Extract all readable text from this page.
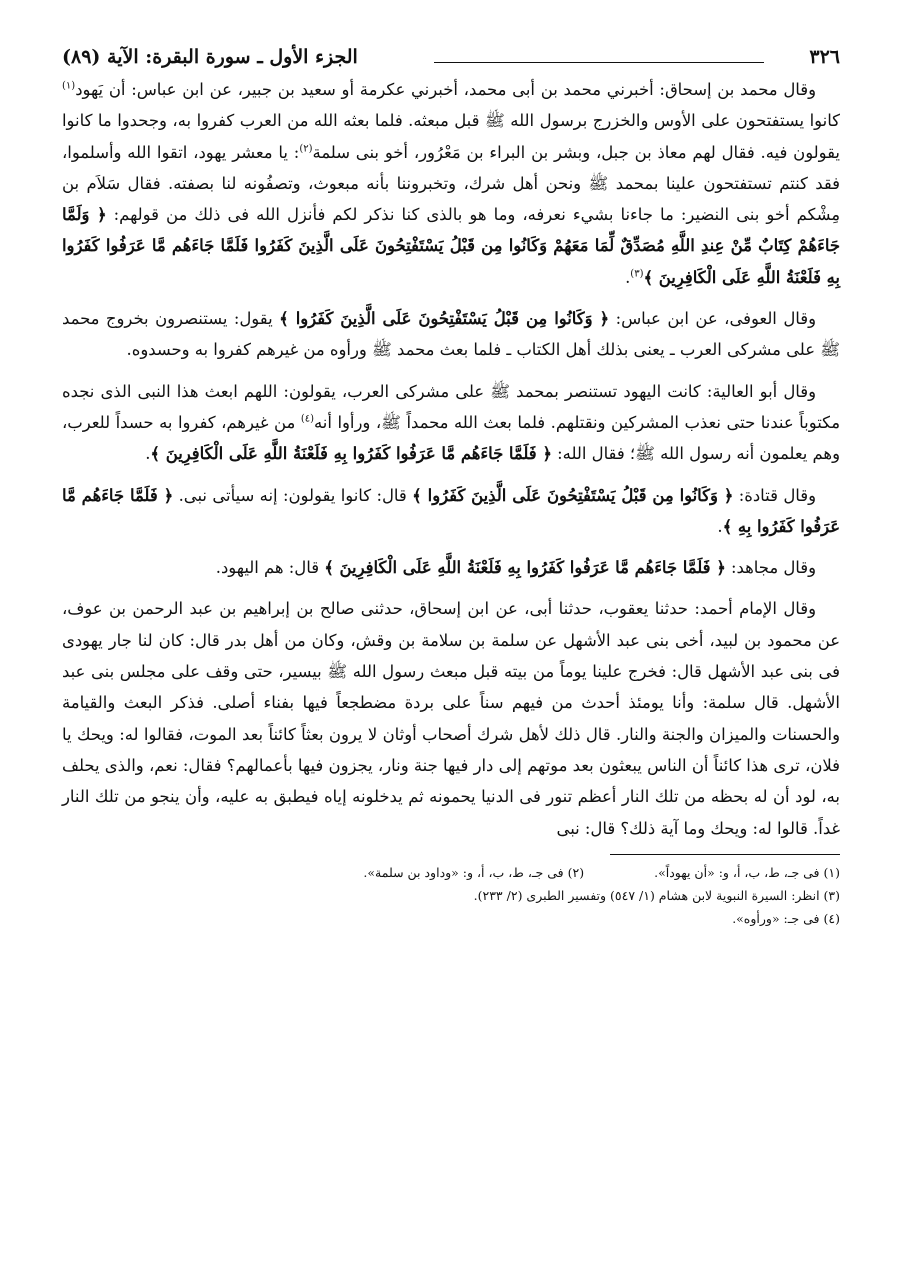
٣٢٦
الجزء الأول ـ سورة البقرة: الآية (٨٩)

وقال محمد بن إسحاق: أخبرني محمد بن أبى محمد، أخبرني عكرمة أو سعيد بن جبير، عن ابن عباس: أن يَهود$^{(١)}$ كانوا يستفتحون على الأوس والخزرج برسول الله ﷺ قبل مبعثه. فلما بعثه الله من العرب كفروا به، وجحدوا ما كانوا يقولون فيه. فقال لهم معاذ بن جبل، وبشر بن البراء بن مَعْرُور، أخو بنى سلمة$^{(٢)}$: يا معشر يهود، اتقوا الله وأسلموا، فقد كنتم تستفتحون علينا بمحمد ﷺ ونحن أهل شرك، وتخبروننا بأنه مبعوث، وتصفُونه لنا بصفته. فقال سَلاَم بن مِشْكم أخو بنى النضير: ما جاءنا بشيء نعرفه، وما هو بالذى كنا نذكر لكم فأنزل الله فى ذلك من قولهم: ﴿ وَلَمَّا جَاءَهُمْ كِتَابٌ مِّنْ عِندِ اللَّهِ مُصَدِّقٌ لِّمَا مَعَهُمْ وَكَانُوا مِن قَبْلُ يَسْتَفْتِحُونَ عَلَى الَّذِينَ كَفَرُوا فَلَمَّا جَاءَهُم مَّا عَرَفُوا كَفَرُوا بِهِ فَلَعْنَةُ اللَّهِ عَلَى الْكَافِرِينَ ﴾$^{(٣)}$.

وقال العوفى، عن ابن عباس: ﴿ وَكَانُوا مِن قَبْلُ يَسْتَفْتِحُونَ عَلَى الَّذِينَ كَفَرُوا ﴾ يقول: يستنصرون بخروج محمد ﷺ على مشركى العرب ـ يعنى بذلك أهل الكتاب ـ فلما بعث محمد ﷺ ورأوه من غيرهم كفروا به وحسدوه.

وقال أبو العالية: كانت اليهود تستنصر بمحمد ﷺ على مشركى العرب، يقولون: اللهم ابعث هذا النبى الذى نجده مكتوباً عندنا حتى نعذب المشركين ونقتلهم. فلما بعث الله محمداً ﷺ، ورأوا أنه$^{(٤)}$ من غيرهم، كفروا به حسداً للعرب، وهم يعلمون أنه رسول الله ﷺ؛ فقال الله: ﴿ فَلَمَّا جَاءَهُم مَّا عَرَفُوا كَفَرُوا بِهِ فَلَعْنَةُ اللَّهِ عَلَى الْكَافِرِينَ ﴾.

وقال قتادة: ﴿ وَكَانُوا مِن قَبْلُ يَسْتَفْتِحُونَ عَلَى الَّذِينَ كَفَرُوا ﴾ قال: كانوا يقولون: إنه سيأتى نبى. ﴿ فَلَمَّا جَاءَهُم مَّا عَرَفُوا كَفَرُوا بِهِ ﴾.

وقال مجاهد: ﴿ فَلَمَّا جَاءَهُم مَّا عَرَفُوا كَفَرُوا بِهِ فَلَعْنَةُ اللَّهِ عَلَى الْكَافِرِينَ ﴾ قال: هم اليهود.

وقال الإمام أحمد: حدثنا يعقوب، حدثنا أبى، عن ابن إسحاق، حدثنى صالح بن إبراهيم بن عبد الرحمن بن عوف، عن محمود بن لبيد، أخى بنى عبد الأشهل عن سلمة بن سلامة بن وقش، وكان من أهل بدر قال: كان لنا جار يهودى فى بنى عبد الأشهل قال: فخرج علينا يوماً من بيته قبل مبعث رسول الله ﷺ بيسير، حتى وقف على مجلس بنى عبد الأشهل. قال سلمة: وأنا يومئذ أحدث من فيهم سناً على بردة مضطجعاً فيها بفناء أصلى. فذكر البعث والقيامة والحسنات والميزان والجنة والنار. قال ذلك لأهل شرك أصحاب أوثان لا يرون بعثاً كائناً بعد الموت، فقالوا له: ويحك يا فلان، ترى هذا كائناً أن الناس يبعثون بعد موتهم إلى دار فيها جنة ونار، يجزون فيها بأعمالهم؟ فقال: نعم، والذى يحلف به، لود أن له بحظه من تلك النار أعظم تنور فى الدنيا يحمونه ثم يدخلونه إياه فيطبق به عليه، وأن ينجو من تلك النار غداً. قالوا له: ويحك وما آية ذلك؟ قال: نبى

(١) فى جـ، ط، ب، أ، و: «أن يهوداً».
(٢) فى جـ، ط، ب، أ، و: «وداود بن سلمة».
(٣) انظر: السيرة النبوية لابن هشام (١/ ٥٤٧) وتفسير الطبرى (٢/ ٢٣٣).
(٤) فى جـ: «ورأوه».
